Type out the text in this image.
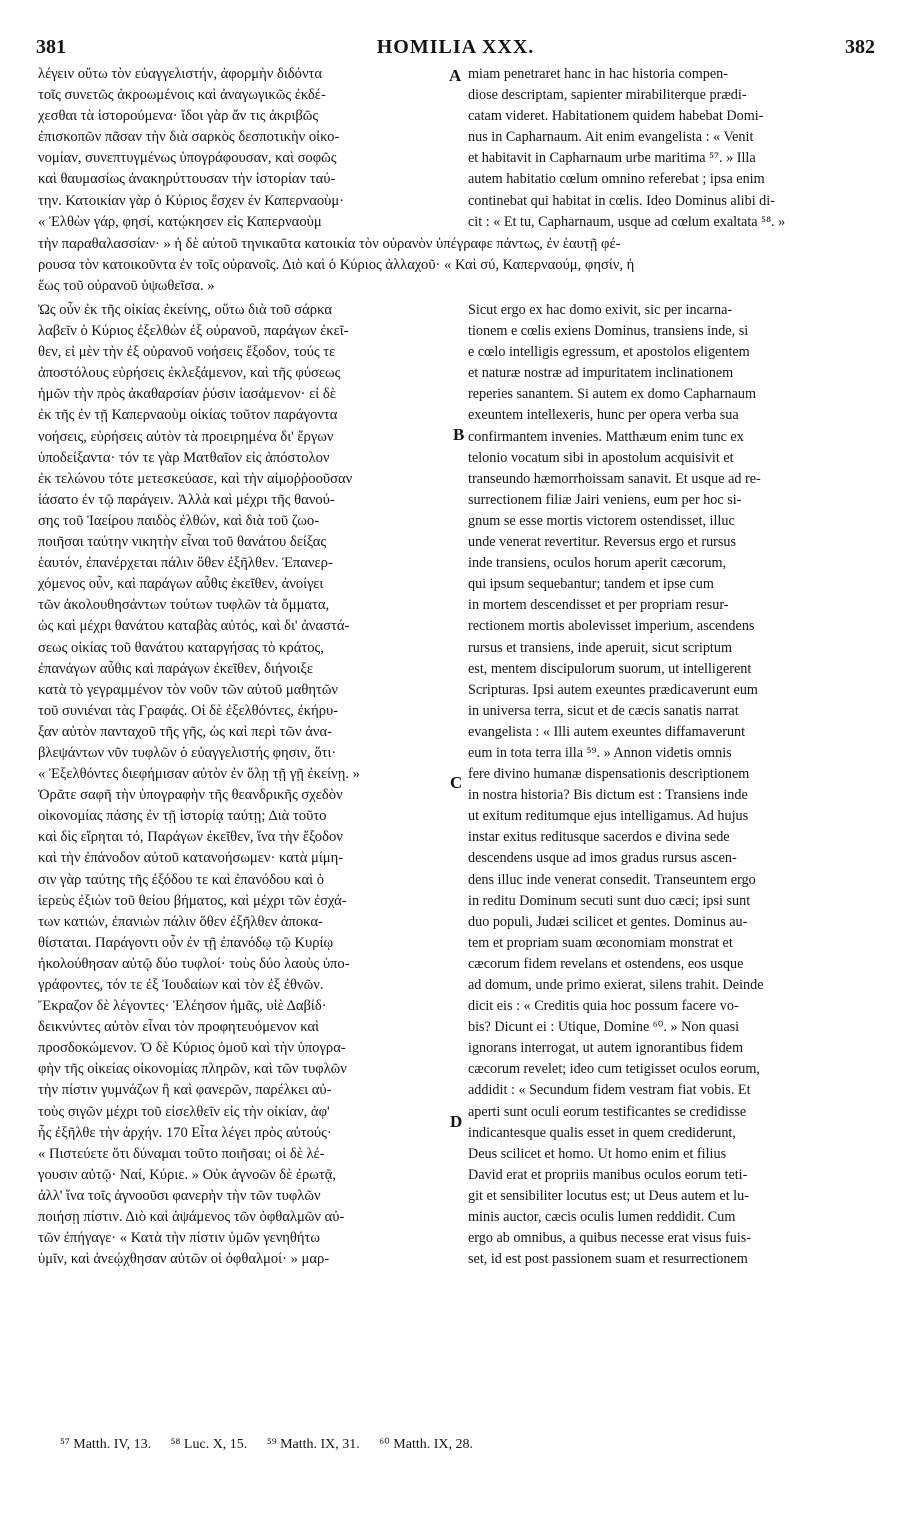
381	HOMILIA XXX.	382
λέγειν οὕτω τὸν εὐαγγελιστήν, ἀφορμὴν διδόντα
τοῖς συνετῶς ἀκροωμένοις καὶ ἀναγωγικῶς ἐκδέ-
χεσθαι τὰ ἱστορούμενα· ἴδοι γὰρ ἄν τις ἀκριβῶς
ἐπισκοπῶν πᾶσαν τὴν διὰ σαρκὸς δεσποτικὴν οἰκο-
νομίαν, συνεπτυγμένως ὑπογράφουσαν, καὶ σοφῶς
καὶ θαυμασίως ἀνακηρύττουσαν τὴν ἱστορίαν ταύ-
την. Κατοικίαν γὰρ ὁ Κύριος ἔσχεν ἐν Καπερναοὺμ·
« Ἐλθὼν γάρ, φησί, κατῴκησεν εἰς Καπερναοὺμ
miam penetraret hanc in hac historia compen-
diose descriptam, sapienter mirabiliterque prædi-
catam videret. Habitationem quidem habebat Domi-
nus in Capharnaum. Ait enim evangelista : « Venit
et habitavit in Capharnaum urbe maritima ⁵⁷. » Illa
autem habitatio cœlum omnino referebat ; ipsa enim
continebat qui habitat in cœlis. Ideo Dominus alibi di-
cit : « Et tu, Capharnaum, usque ad cœlum exaltata ⁵⁸. »
τὴν παραθαλασσίαν· » ἡ δὲ αὐτοῦ τηνικαῦτα κατοικία τὸν οὐρανὸν ὑπέγραφε πάντως, ἐν ἑαυτῇ φέ-
ρουσα τὸν κατοικοῦντα ἐν τοῖς οὐρανοῖς. Διὸ καὶ ὁ Κύριος ἀλλαχοῦ· « Καὶ σύ, Καπερναούμ, φησίν, ἡ
ἕως τοῦ οὐρανοῦ ὑψωθεῖσα. »
Ὡς οὖν ἐκ τῆς οἰκίας ἐκείνης, οὕτω διὰ τοῦ σάρκα
λαβεῖν ὁ Κύριος ἐξελθὼν ἐξ οὐρανοῦ, παράγων ἐκεῖ-
θεν, εἰ μὲν τὴν ἐξ οὐρανοῦ νοήσεις ἔξοδον, τούς τε
ἀποστόλους εὑρήσεις ἐκλεξάμενον, καὶ τῆς φύσεως
ἡμῶν τὴν πρὸς ἀκαθαρσίαν ῥύσιν ἰασάμενον· εἰ δὲ
ἐκ τῆς ἐν τῇ Καπερναοὺμ οἰκίας τοῦτον παράγοντα
νοήσεις, εὑρήσεις αὐτὸν τὰ προειρημένα δι' ἔργων
ὑποδείξαντα· τόν τε γὰρ Ματθαῖον εἰς ἀπόστολον
ἐκ τελώνου τότε μετεσκεύασε, καὶ τὴν αἱμοῤῥοοῦσαν
ἰάσατο ἐν τῷ παράγειν. Ἀλλὰ καὶ μέχρι τῆς θανού-
σης τοῦ Ἰαείρου παιδὸς ἐλθών, καὶ διὰ τοῦ ζωο-
ποιῆσαι ταύτην νικητὴν εἶναι τοῦ θανάτου δείξας
ἑαυτόν, ἐπανέρχεται πάλιν ὅθεν ἐξῆλθεν. Ἐπανερ-
χόμενος οὖν, καὶ παράγων αὖθις ἐκεῖθεν, ἀνοίγει
τῶν ἀκολουθησάντων τούτων τυφλῶν τὰ ὄμματα,
ὡς καὶ μέχρι θανάτου καταβὰς αὐτός, καὶ δι' ἀναστά-
σεως οἰκίας τοῦ θανάτου καταργήσας τὸ κράτος,
ἐπανάγων αὖθις καὶ παράγων ἐκεῖθεν, διήνοιξε
κατὰ τὸ γεγραμμένον τὸν νοῦν τῶν αὐτοῦ μαθητῶν
τοῦ συνιέναι τὰς Γραφάς. Οἱ δὲ ἐξελθόντες, ἐκήρυ-
ξαν αὐτὸν πανταχοῦ τῆς γῆς, ὡς καὶ περὶ τῶν ἀνα-
βλεψάντων νῦν τυφλῶν ὁ εὐαγγελιστής φησιν, ὅτι·
« Ἐξελθόντες διεφήμισαν αὐτὸν ἐν ὅλῃ τῇ γῇ ἐκείνῃ. »
Ὁρᾶτε σαφῆ τὴν ὑπογραφὴν τῆς θεανδρικῆς σχεδὸν
οἰκονομίας πάσης ἐν τῇ ἱστορίᾳ ταύτῃ; Διὰ τοῦτο
καὶ δὶς εἴρηται τό, Παράγων ἐκεῖθεν, ἵνα τὴν ἔξοδον
καὶ τὴν ἐπάνοδον αὐτοῦ κατανοήσωμεν· κατὰ μίμη-
σιν γὰρ ταύτης τῆς ἐξόδου τε καὶ ἐπανόδου καὶ ὁ
ἱερεὺς ἐξιὼν τοῦ θείου βήματος, καὶ μέχρι τῶν ἐσχά-
των κατιών, ἐπανιὼν πάλιν ὅθεν ἐξῆλθεν ἀποκα-
θίσταται. Παράγοντι οὖν ἐν τῇ ἐπανόδῳ τῷ Κυρίῳ
ἠκολούθησαν αὐτῷ δύο τυφλοί· τοὺς δύο λαοὺς ὑπο-
γράφοντες, τόν τε ἐξ Ἰουδαίων καὶ τὸν ἐξ ἐθνῶν.
Ἔκραζον δὲ λέγοντες· Ἐλέησον ἡμᾶς, υἱὲ Δαβίδ·
δεικνύντες αὐτὸν εἶναι τὸν προφητευόμενον καὶ
προσδοκώμενον. Ὁ δὲ Κύριος ὁμοῦ καὶ τὴν ὑπογρα-
φὴν τῆς οἰκείας οἰκονομίας πληρῶν, καὶ τῶν τυφλῶν
τὴν πίστιν γυμνάζων ἢ καὶ φανερῶν, παρέλκει αὐ-
τοὺς σιγῶν μέχρι τοῦ εἰσελθεῖν εἰς τὴν οἰκίαν, ἀφ'
ἧς ἐξῆλθε τὴν ἀρχήν. 170 Εἶτα λέγει πρὸς αὐτούς·
« Πιστεύετε ὅτι δύναμαι τοῦτο ποιῆσαι; οἱ δὲ λέ-
γουσιν αὐτῷ· Ναί, Κύριε. » Οὐκ ἀγνοῶν δὲ ἐρωτᾷ,
ἀλλ' ἵνα τοῖς ἀγνοοῦσι φανερὴν τὴν τῶν τυφλῶν
ποιήσῃ πίστιν. Διὸ καὶ ἁψάμενος τῶν ὀφθαλμῶν αὐ-
τῶν ἐπήγαγε· « Κατὰ τὴν πίστιν ὑμῶν γενηθήτω
ὑμῖν, καὶ ἀνεῴχθησαν αὐτῶν οἱ ὀφθαλμοί· » μαρ-
Sicut ergo ex hac domo exivit, sic per incarna-
tionem e cœlis exiens Dominus, transiens inde, si
e cœlo intelligis egressum, et apostolos eligentem
et naturæ nostræ ad impuritatem inclinationem
reperies sanantem. Si autem ex domo Capharnaum
exeuntem intellexeris, hunc per opera verba sua
confirmantem invenies. Matthæum enim tunc ex
telonio vocatum sibi in apostolum acquisivit et
transeundo hæmorrhoissam sanavit. Et usque ad re-
surrectionem filiæ Jairi veniens, eum per hoc si-
gnum se esse mortis victorem ostendisset, illuc
unde venerat revertitur. Reversus ergo et rursus
inde transiens, oculos horum aperit cæcorum,
qui ipsum sequebantur; tandem et ipse cum
in mortem descendisset et per propriam resur-
rectionem mortis abolevisset imperium, ascendens
rursus et transiens, inde aperuit, sicut scriptum
est, mentem discipulorum suorum, ut intelligerent
Scripturas. Ipsi autem exeuntes prædicaverunt eum
in universa terra, sicut et de cæcis sanatis narrat
evangelista : « Illi autem exeuntes diffamaverunt
eum in tota terra illa ⁵⁹. » Annon videtis omnis
fere divino humanæ dispensationis descriptionem
in nostra historia? Bis dictum est : Transiens inde
ut exitum reditumque ejus intelligamus. Ad hujus
instar exitus reditusque sacerdos e divina sede
descendens usque ad imos gradus rursus ascen-
dens illuc inde venerat consedit. Transeuntem ergo
in reditu Dominum secuti sunt duo cæci; ipsi sunt
duo populi, Judæi scilicet et gentes. Dominus au-
tem et propriam suam œconomiam monstrat et
cæcorum fidem revelans et ostendens, eos usque
ad domum, unde primo exierat, silens trahit. Deinde
dicit eis : « Creditis quia hoc possum facere vo-
bis? Dicunt ei : Utique, Domine ⁶⁰. » Non quasi
ignorans interrogat, ut autem ignorantibus fidem
cæcorum revelet; ideo cum tetigisset oculos eorum,
addidit : « Secundum fidem vestram fiat vobis. Et
aperti sunt oculi eorum testificantes se credidisse
indicantesque qualis esset in quem crediderunt,
Deus scilicet et homo. Ut homo enim et filius
David erat et propriis manibus oculos eorum teti-
git et sensibiliter locutus est; ut Deus autem et lu-
minis auctor, cæcis oculis lumen reddidit. Cum
ergo ab omnibus, a quibus necesse erat visus fuis-
set, id est post passionem suam et resurrectionem
A
B
C
D
⁵⁷ Matth. IV, 13. ⁵⁸ Luc. X, 15. ⁵⁹ Matth. IX, 31. ⁶⁰ Matth. IX, 28.
